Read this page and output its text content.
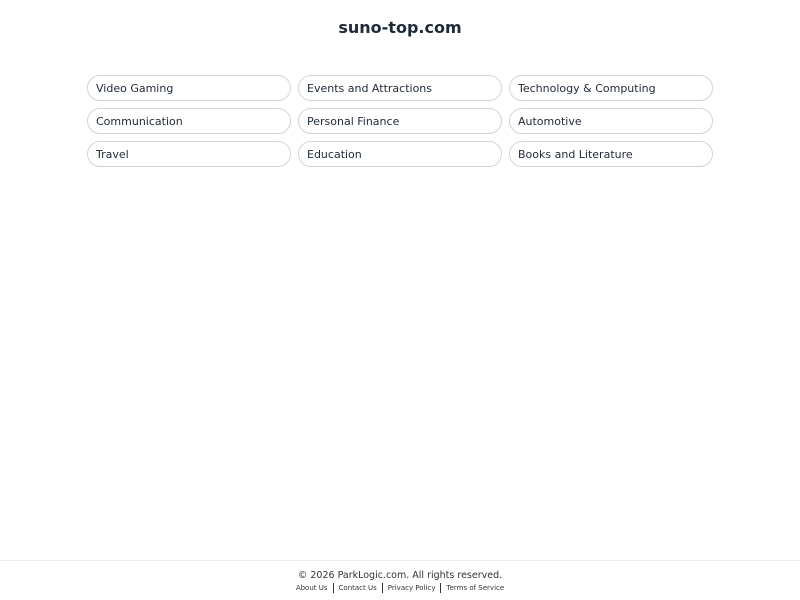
suno-top.com
Video Gaming	Events and Attractions	Technology & Computing
Communication	Personal Finance	Automotive
Travel	Education	Books and Literature
© 2026 ParkLogic.com. All rights reserved.
About Us	Contact Us	Privacy Policy	Terms of Service
